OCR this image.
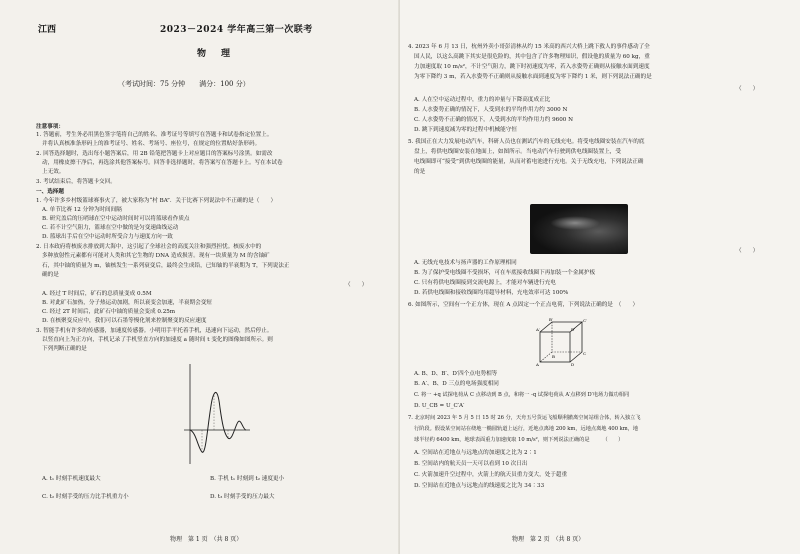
江西	2023－2024 学年高三第一次联考
物　理
（考试时间：75 分钟　　满分：100 分）
注意事项：
1. 答题前，考生务必用黑色签字笔将自己的姓名、准考证号等填写在答题卡和试卷指定位置上。
并将认真核准条形码上的准考证号、姓名、考场号、座位号，在规定的位置贴好条形码。
2. 回答选择题时，选出每小题答案后，用 2B 铅笔把答题卡上对应题目的答案标号涂黑。如需改
动，用橡皮擦干净后，再选涂其他答案标号。回答非选择题时，将答案写在答题卡上。写在本试卷
上无效。
3. 考试结束后，将答题卡交回。
一、选择题
1. 今年许多乡村级篮球赛事火了，被大家称为“村 BA”．关于比赛下列说法中不正确的是（　　）
A. 单节比赛 12 分钟为时间间隔
B. 研究盖后的压哨球在空中运动时间时可以将篮球看作质点
C. 若不计空气阻力，篮球在空中做的是匀变速曲线运动
D. 篮球出手后在空中运动时所受合力与速度方向一致
2. 日本政府将核废水排放到大海中，这引起了全球社会的高度关注和强烈担忧。核废水中的
多种放射性元素都有可能对人类和其它生物的 DNA 造成损害。现有一块质量为 M 的含铀矿
石，其中铀的质量为 m，铀核发生一系列衰变后，最终会生成铅，已知铀的半衰期为 T，下列说法正
确的是
（　　）
A. 经过 T 时间后，矿石的总质量变成 0.5M
B. 对此矿石加热，分子热运动加剧，所以衰变会加速，半衰期会变短
C. 经过 2T 时间后，此矿石中铀的质量会变成 0.25m
D. 在核聚变反应中，我们可以石墨等慢化剂来控制聚变的反应速度
3. 智能手机有许多的传感器，加速度传感器。小明用手平托着手机，迅速向下运动，然后停止。
以竖直向上为正方向，手机记录了手机竖直方向的加速度 a 随时间 t 变化的图像如图所示。则
下列判断正确的是
A. t₁ 时刻手机速度最大	B. 手机 t₁ 时刻到 t₂ 速度更小
C. t₂ 时刻手受的压力比手机重力小	D. t₃ 时刻手受的压力最大
物理　第 1 页　（共 8 页）
4. 2023 年 6 月 13 日，杭州外卖小哥彭清林从约 15 米高的西兴大桥上跳下救人的事件感动了全
国人民，以这么高跳下其实是很危险的，其中包含了许多物理知识，假设他的质量为 60 kg，重
力加速度取 10 m/s²，不计空气阻力，跳下时初速度为零，若入水姿势正确则从接触水面到速度
为零下降约 3 m，若入水姿势不正确则从接触水面到速度为零下降约 1 米，则下列说法正确的是
（　　）
A. 人在空中运动过程中，重力的冲量与下降高度成正比
B. 人水姿势正确的情况下，人受到水的平均作用力约 3000 N
C. 人水姿势不正确的情况下，人受到水的平均作用力约 9600 N
D. 跳下到速度减为零的过程中机械能守恒
5. 我国正在大力发展电动汽车，科研人员也在测试汽车的无线充电。将受电线圈安装在汽车的底
盘上，将供电线圈安装在地面上，如图所示。当电动汽车行驶到供电线圈装置上，受
电线圈即可“接受”到供电线圈的能量，从而对蓄电池进行充电。关于无线充电，下列说法正确
的是
（　　）
A. 无线充电技术与扬声器的工作原理相同
B. 为了保护受电线圈不受损坏，可在车底接收线圈下再加装一个金属护板
C. 只有将供电线圈接到交流电源上，才能对车辆进行充电
D. 若供电线圈和接收线圈均用超导材料，充电效率可达 100%
6. 如图所示，空间有一个正方体，现在 A 点固定一个正点电荷，下列说法正确的是　（　　）
A′
B′
D′
C′
A
B
D
C
A. B、D、B′、D′四个点电势相等
B. A′、B、D 三点的电场强度相同
C. 将一 +q 试探电荷从 C 点移动到 B 点，和将一 -q 试探电荷从 A′点移到 D′电场力做功相同
D. U_CB = U_C′A′
7. 北京时间 2023 年 5 月 5 日 15 时 26 分，天舟五号货运飞船顺利撤离空间站组合体，转入独立飞
行阶段。假设某空间站在绕地一椭圆轨道上运行，近地点离地 200 km，远地点离地 400 km，地
球半径约 6400 km，地球表面重力加速度取 10 m/s²，则下列说法正确的是　　　（　　）
A. 空间站在近地点与远地点的加速度之比为 2∶1
B. 空间站内的航天员一天可以看到 10 次日出
C. 火箭加速升空过程中，火箭上的航天员重力变大，处于超重
D. 空间站在近地点与远地点的线速度之比为 34∶33
物理　第 2 页　（共 8 页）
